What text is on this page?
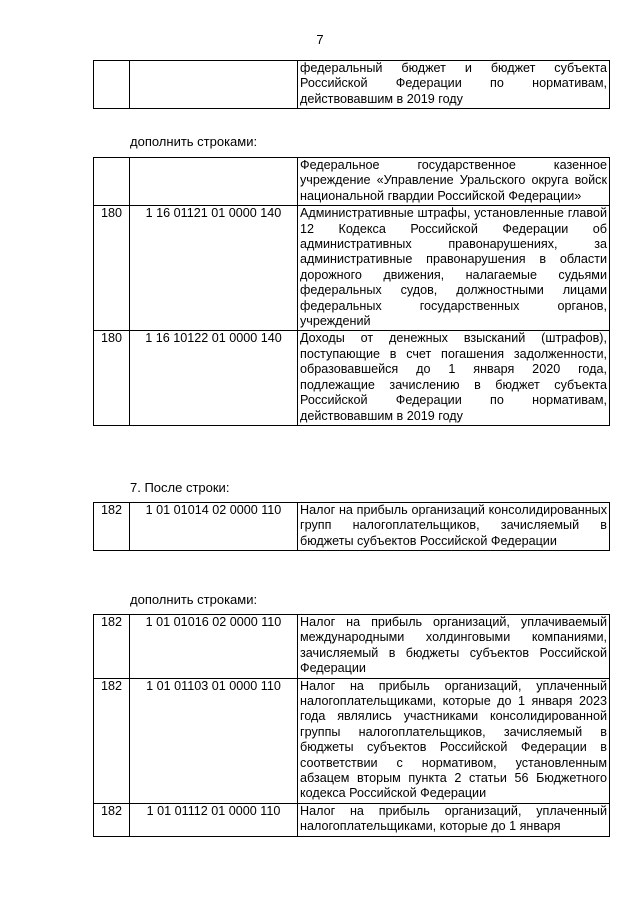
7
		федеральный бюджет и бюджет субъекта Российской Федерации по нормативам, действовавшим в 2019 году
дополнить строками:
		Федеральное государственное казенное учреждение «Управление Уральского округа войск национальной гвардии Российской Федерации»
180	1 16 01121 01 0000 140	Административные штрафы, установленные главой 12 Кодекса Российской Федерации об административных правонарушениях, за административные правонарушения в области дорожного движения, налагаемые судьями федеральных судов, должностными лицами федеральных государственных органов, учреждений
180	1 16 10122 01 0000 140	Доходы от денежных взысканий (штрафов), поступающие в счет погашения задолженности, образовавшейся до 1 января 2020 года, подлежащие зачислению в бюджет субъекта Российской Федерации по нормативам, действовавшим в 2019 году
7. После строки:
182	1 01 01014 02 0000 110	Налог на прибыль организаций консолидированных групп налогоплательщиков, зачисляемый в бюджеты субъектов Российской Федерации
дополнить строками:
182	1 01 01016 02 0000 110	Налог на прибыль организаций, уплачиваемый международными холдинговыми компаниями, зачисляемый в бюджеты субъектов Российской Федерации
182	1 01 01103 01 0000 110	Налог на прибыль организаций, уплаченный налогоплательщиками, которые до 1 января 2023 года являлись участниками консолидированной группы налогоплательщиков, зачисляемый в бюджеты субъектов Российской Федерации в соответствии с нормативом, установленным абзацем вторым пункта 2 статьи 56 Бюджетного кодекса Российской Федерации
182	1 01 01112 01 0000 110	Налог на прибыль организаций, уплаченный налогоплательщиками, которые до 1 января
